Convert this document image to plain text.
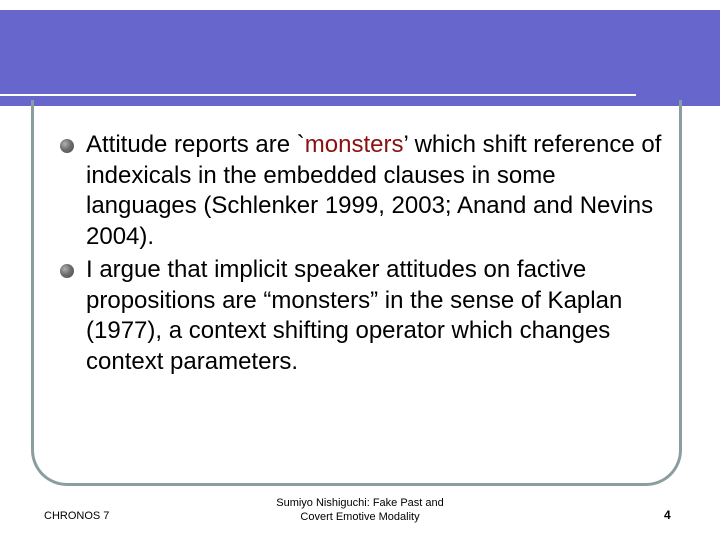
Attitude reports are `monsters’ which shift reference of indexicals in the embedded clauses in some languages (Schlenker 1999, 2003; Anand and Nevins 2004).
I argue that implicit speaker attitudes on factive propositions are “monsters” in the sense of Kaplan (1977), a context shifting operator which changes context parameters.
CHRONOS 7
Sumiyo Nishiguchi: Fake Past and
Covert Emotive Modality	4
